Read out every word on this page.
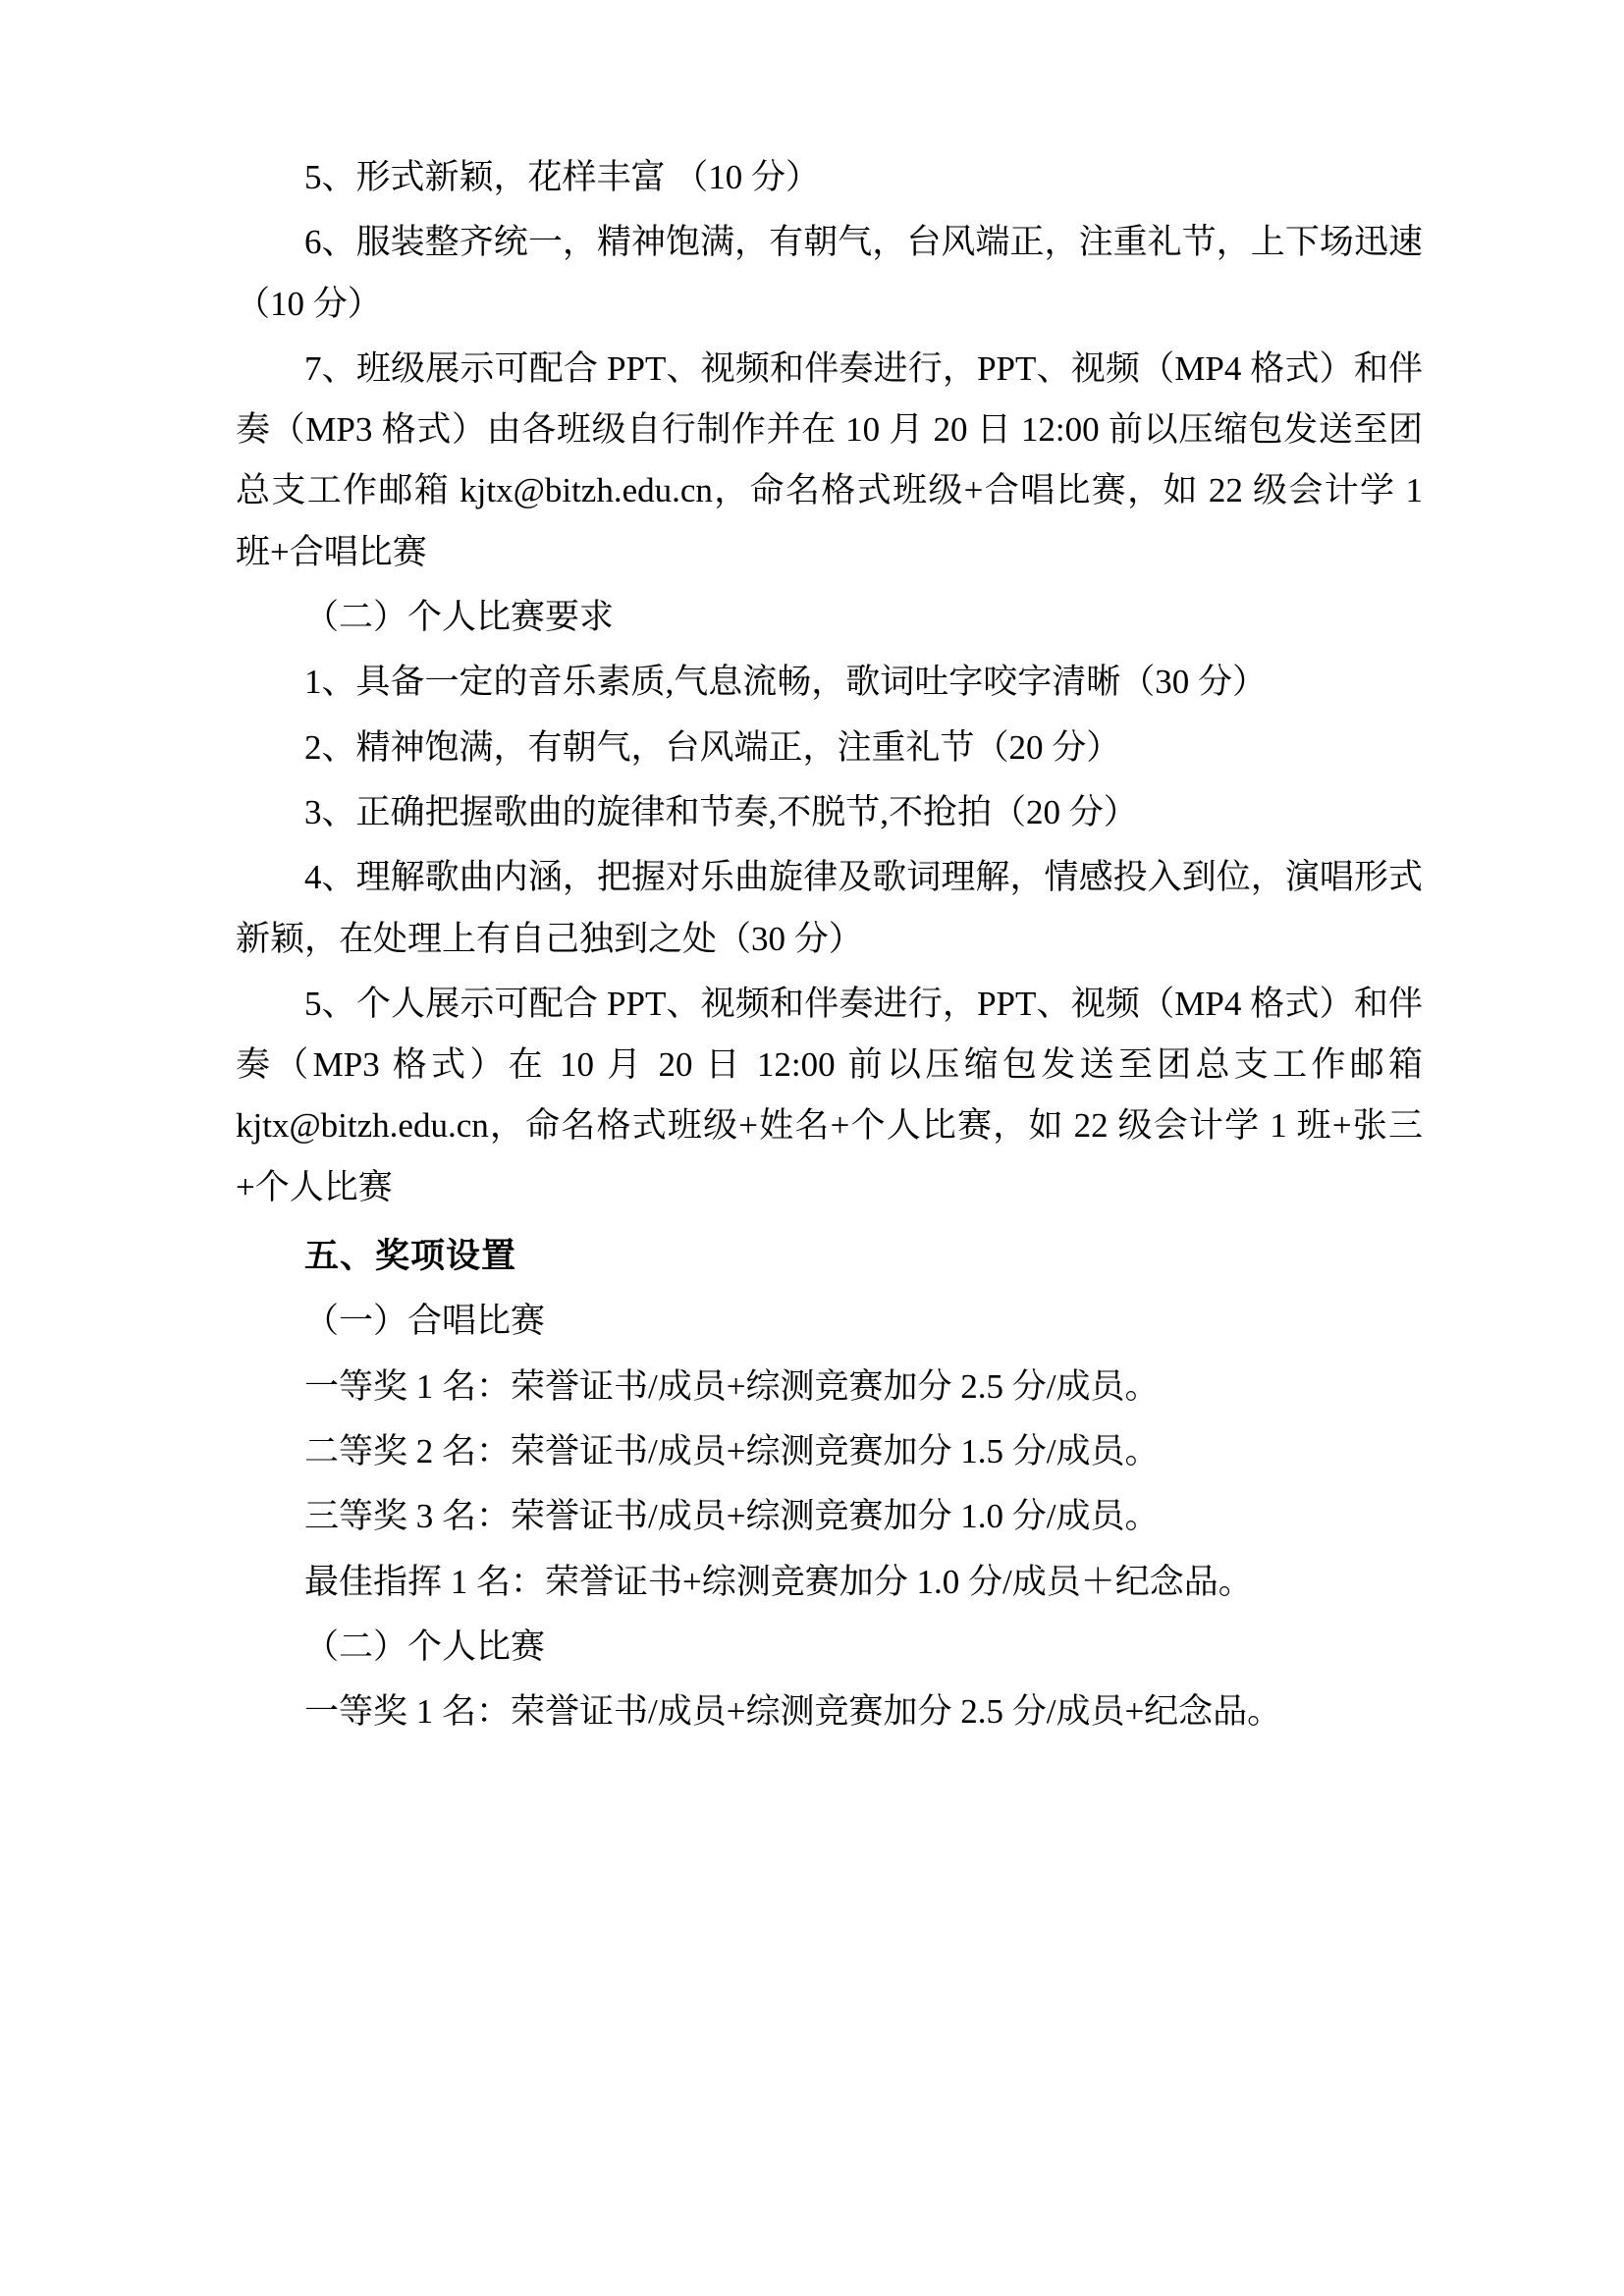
5、形式新颖，花样丰富 （10 分）

6、服装整齐统一，精神饱满，有朝气，台风端正，注重礼节，上下场迅速 （10 分）

7、班级展示可配合 PPT、视频和伴奏进行，PPT、视频（MP4 格式）和伴奏（MP3 格式）由各班级自行制作并在 10 月 20 日 12:00 前以压缩包发送至团总支工作邮箱 kjtx@bitzh.edu.cn，命名格式班级+合唱比赛，如 22 级会计学 1 班+合唱比赛

（二）个人比赛要求

1、具备一定的音乐素质,气息流畅，歌词吐字咬字清晰（30 分）

2、精神饱满，有朝气，台风端正，注重礼节（20 分）

3、正确把握歌曲的旋律和节奏,不脱节,不抢拍（20 分）

4、理解歌曲内涵，把握对乐曲旋律及歌词理解，情感投入到位，演唱形式新颖，在处理上有自己独到之处（30 分）

5、个人展示可配合 PPT、视频和伴奏进行，PPT、视频（MP4 格式）和伴奏（MP3 格式）在 10 月 20 日 12:00 前以压缩包发送至团总支工作邮箱 kjtx@bitzh.edu.cn，命名格式班级+姓名+个人比赛，如 22 级会计学 1 班+张三+个人比赛

五、奖项设置

（一）合唱比赛

一等奖 1 名：荣誉证书/成员+综测竞赛加分 2.5 分/成员。

二等奖 2 名：荣誉证书/成员+综测竞赛加分 1.5 分/成员。

三等奖 3 名：荣誉证书/成员+综测竞赛加分 1.0 分/成员。

最佳指挥 1 名：荣誉证书+综测竞赛加分 1.0 分/成员＋纪念品。

（二）个人比赛

一等奖 1 名：荣誉证书/成员+综测竞赛加分 2.5 分/成员+纪念品。
